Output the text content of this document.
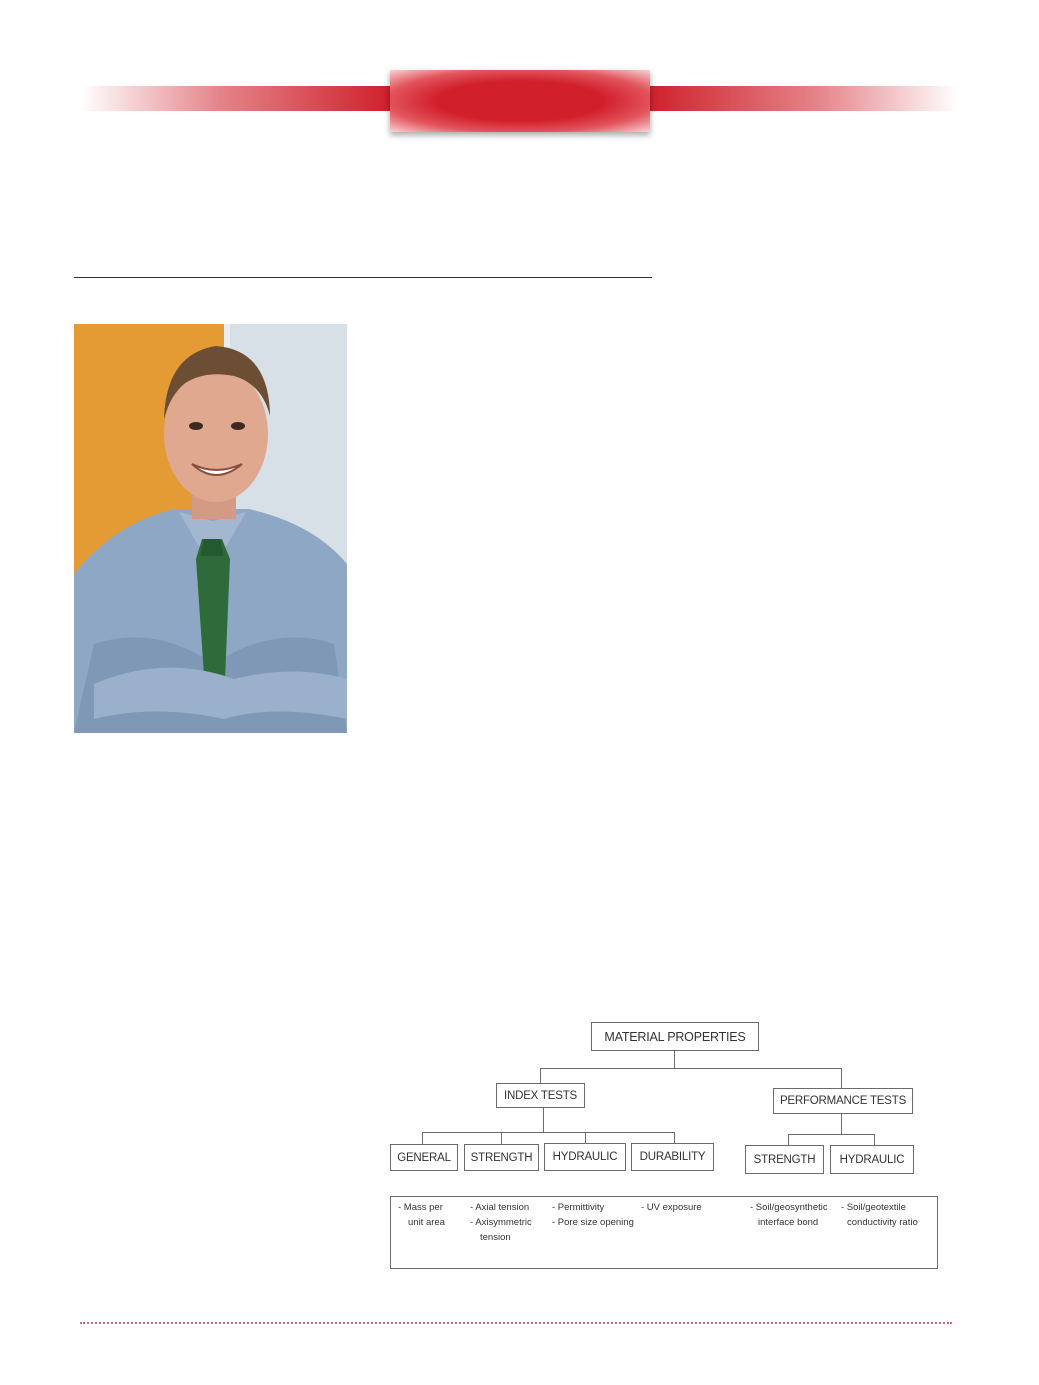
MATERIAL PROPERTIES
INDEX TESTS	PERFORMANCE TESTS
GENERAL	STRENGTH	HYDRAULIC	DURABILITY	STRENGTH	HYDRAULIC
- Mass per
unit area
- Axial tension
- Axisymmetric
tension
- Permittivity
- Pore size opening
- UV exposure	- Soil/geosynthetic
interface bond
- Soil/geotextile
conductivity ratio
